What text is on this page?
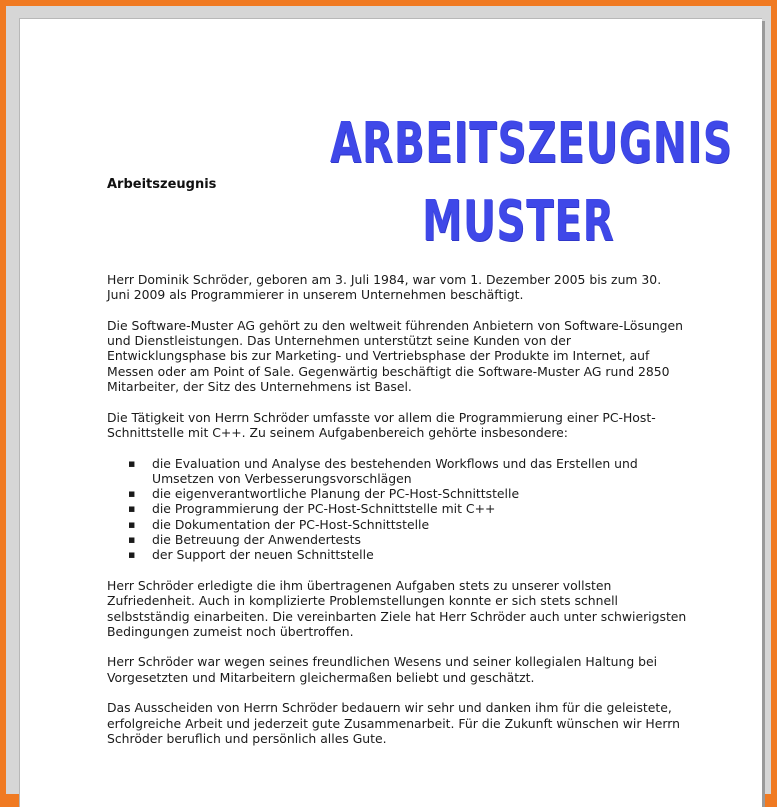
ARBEITSZEUGNIS
MUSTER
Arbeitszeugnis

Herr Dominik Schröder, geboren am 3. Juli 1984, war vom 1. Dezember 2005 bis zum 30. Juni 2009 als Programmierer in unserem Unternehmen beschäftigt.

Die Software-Muster AG gehört zu den weltweit führenden Anbietern von Software-Lösungen und Dienstleistungen. Das Unternehmen unterstützt seine Kunden von der Entwicklungsphase bis zur Marketing- und Vertriebsphase der Produkte im Internet, auf Messen oder am Point of Sale. Gegenwärtig beschäftigt die Software-Muster AG rund 2850 Mitarbeiter, der Sitz des Unternehmens ist Basel.

Die Tätigkeit von Herrn Schröder umfasste vor allem die Programmierung einer PC-Host-Schnittstelle mit C++. Zu seinem Aufgabenbereich gehörte insbesondere:

▪ die Evaluation und Analyse des bestehenden Workflows und das Erstellen und Umsetzen von Verbesserungsvorschlägen
▪ die eigenverantwortliche Planung der PC-Host-Schnittstelle
▪ die Programmierung der PC-Host-Schnittstelle mit C++
▪ die Dokumentation der PC-Host-Schnittstelle
▪ die Betreuung der Anwendertests
▪ der Support der neuen Schnittstelle

Herr Schröder erledigte die ihm übertragenen Aufgaben stets zu unserer vollsten Zufriedenheit. Auch in komplizierte Problemstellungen konnte er sich stets schnell selbstständig einarbeiten. Die vereinbarten Ziele hat Herr Schröder auch unter schwierigsten Bedingungen zumeist noch übertroffen.

Herr Schröder war wegen seines freundlichen Wesens und seiner kollegialen Haltung bei Vorgesetzten und Mitarbeitern gleichermaßen beliebt und geschätzt.

Das Ausscheiden von Herrn Schröder bedauern wir sehr und danken ihm für die geleistete, erfolgreiche Arbeit und jederzeit gute Zusammenarbeit. Für die Zukunft wünschen wir Herrn Schröder beruflich und persönlich alles Gute.
